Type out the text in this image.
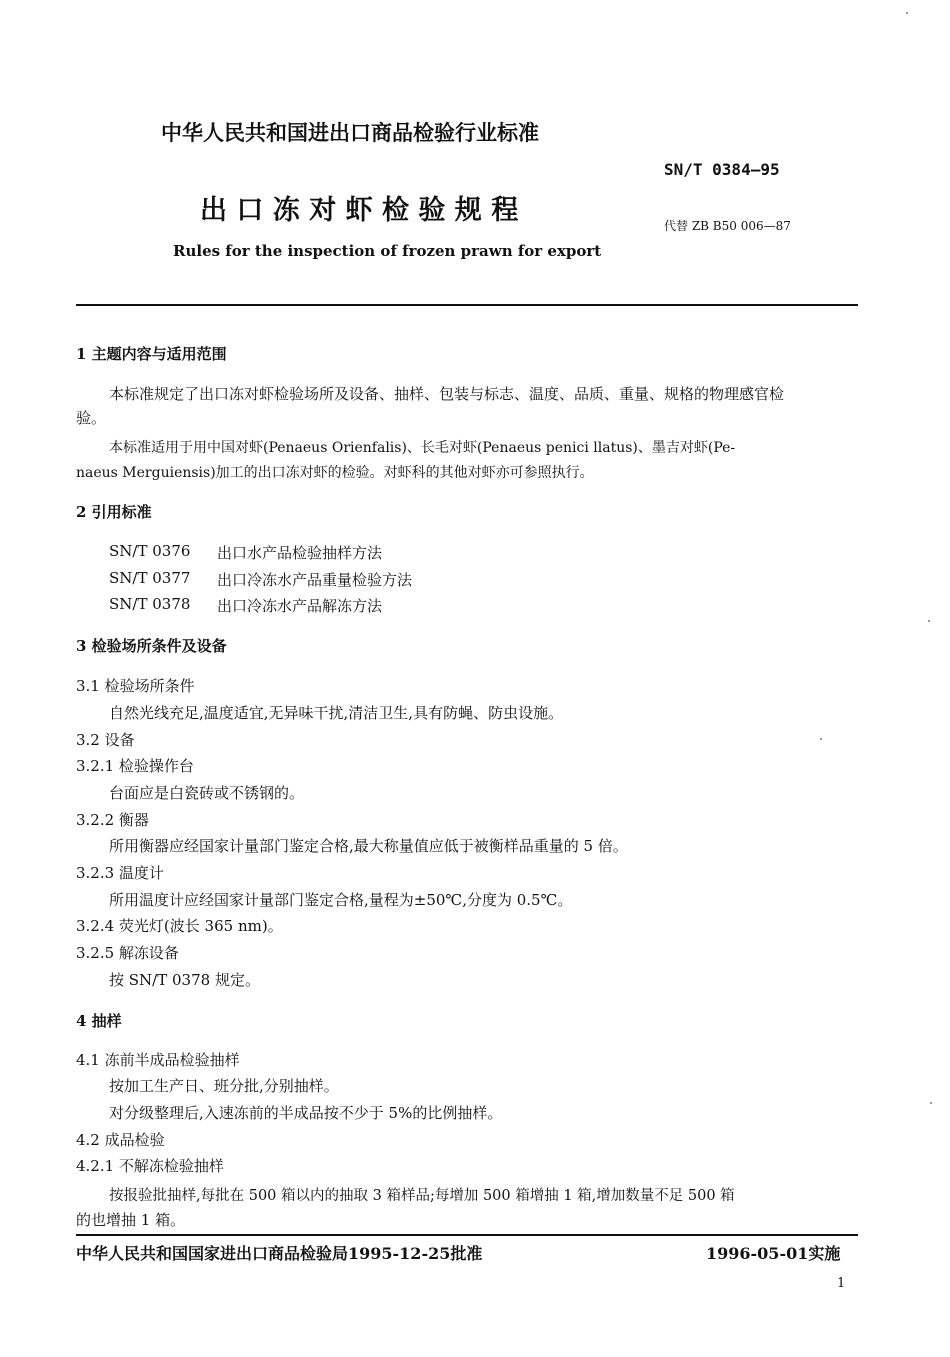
中华人民共和国进出口商品检验行业标准
SN/T 0384—95
出 口 冻 对 虾 检 验 规 程	代替 ZB B50 006—87
Rules for the inspection of frozen prawn for export
1 主题内容与适用范围
本标准规定了出口冻对虾检验场所及设备、抽样、包装与标志、温度、品质、重量、规格的物理感官检
验。
本标准适用于用中国对虾(Penaeus Orienfalis)、长毛对虾(Penaeus penici llatus)、墨吉对虾(Pe-
naeus Merguiensis)加工的出口冻对虾的检验。对虾科的其他对虾亦可参照执行。
2 引用标准
SN/T 0376 出口水产品检验抽样方法
SN/T 0377 出口冷冻水产品重量检验方法
SN/T 0378 出口冷冻水产品解冻方法
3 检验场所条件及设备
3.1 检验场所条件
自然光线充足,温度适宜,无异味干扰,清洁卫生,具有防蝇、防虫设施。
3.2 设备
3.2.1 检验操作台
台面应是白瓷砖或不锈钢的。
3.2.2 衡器
所用衡器应经国家计量部门鉴定合格,最大称量值应低于被衡样品重量的 5 倍。
3.2.3 温度计
所用温度计应经国家计量部门鉴定合格,量程为±50℃,分度为 0.5℃。
3.2.4 荧光灯(波长 365 nm)。
3.2.5 解冻设备
按 SN/T 0378 规定。
4 抽样
4.1 冻前半成品检验抽样
按加工生产日、班分批,分别抽样。
对分级整理后,入速冻前的半成品按不少于 5%的比例抽样。
4.2 成品检验
4.2.1 不解冻检验抽样
按报验批抽样,每批在 500 箱以内的抽取 3 箱样品;每增加 500 箱增抽 1 箱,增加数量不足 500 箱
的也增抽 1 箱。
中华人民共和国国家进出口商品检验局1995-12-25批准	1996-05-01实施
1
